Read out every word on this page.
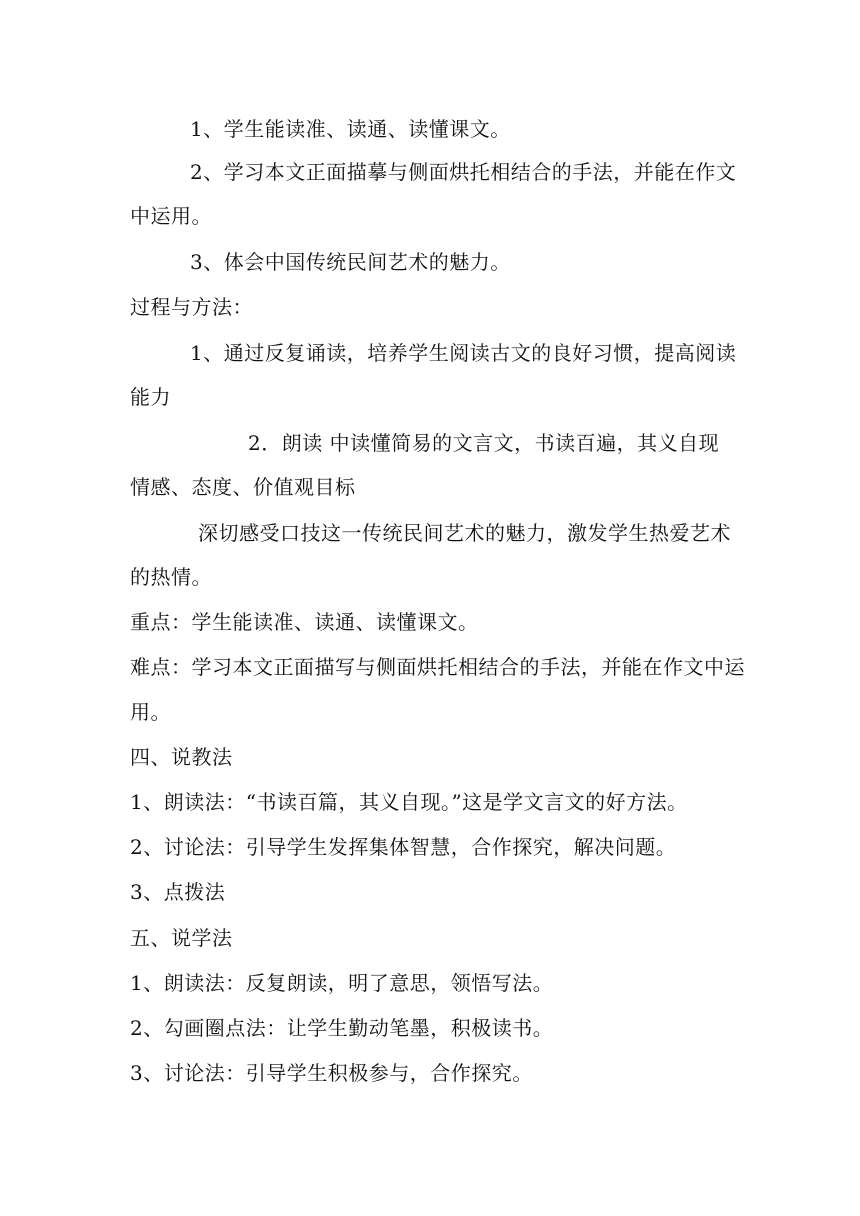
1、学生能读准、读通、读懂课文。
2、学习本文正面描摹与侧面烘托相结合的手法，并能在作文
中运用。
3、体会中国传统民间艺术的魅力。
过程与方法：
1、通过反复诵读，培养学生阅读古文的良好习惯，提高阅读
能力
2．朗读 中读懂简易的文言文，书读百遍，其义自现
情感、态度、价值观目标
深切感受口技这一传统民间艺术的魅力，激发学生热爱艺术
的热情。
重点：学生能读准、读通、读懂课文。
难点：学习本文正面描写与侧面烘托相结合的手法，并能在作文中运
用。
四、说教法
1、朗读法：“书读百篇，其义自现。”这是学文言文的好方法。
2、讨论法：引导学生发挥集体智慧，合作探究，解决问题。
3、点拨法
五、说学法
1、朗读法：反复朗读，明了意思，领悟写法。
2、勾画圈点法：让学生勤动笔墨，积极读书。
3、讨论法：引导学生积极参与，合作探究。
